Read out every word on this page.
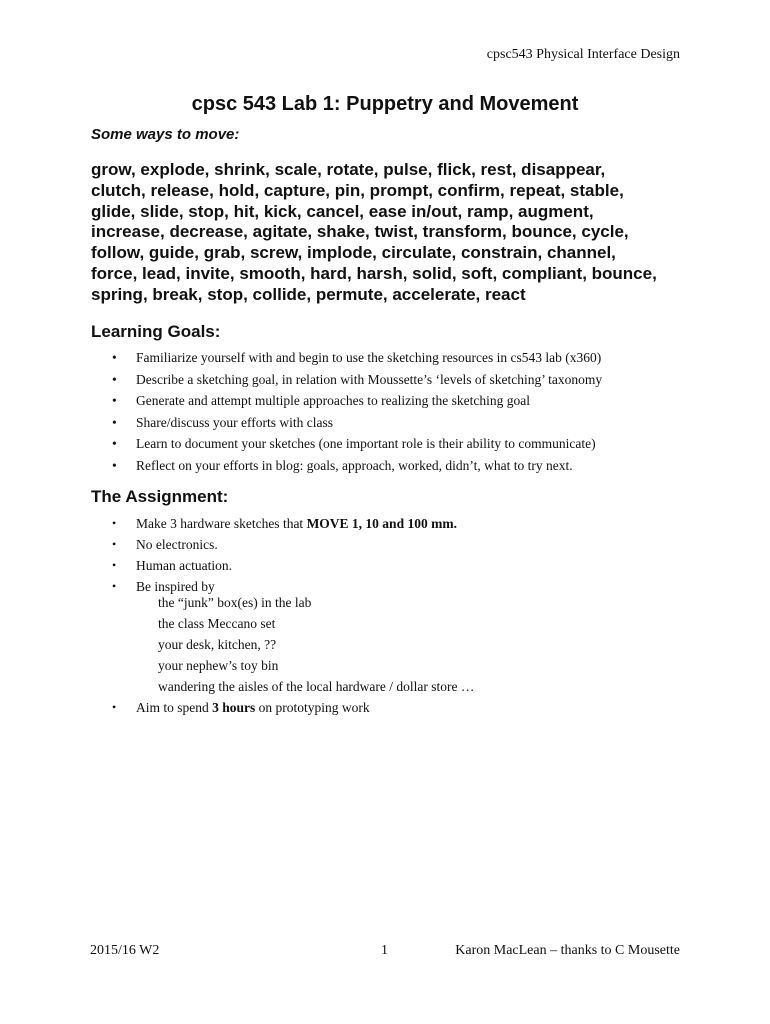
cpsc543 Physical Interface Design
cpsc 543 Lab 1: Puppetry and Movement
Some ways to move:
grow, explode, shrink, scale, rotate, pulse, flick, rest, disappear,
clutch, release, hold, capture, pin, prompt, confirm, repeat, stable,
glide, slide, stop, hit, kick, cancel, ease in/out, ramp, augment,
increase, decrease, agitate, shake, twist, transform, bounce, cycle,
follow, guide, grab, screw, implode, circulate, constrain, channel,
force, lead, invite, smooth, hard, harsh, solid, soft, compliant, bounce,
spring, break, stop, collide, permute, accelerate, react
Learning Goals:
• Familiarize yourself with and begin to use the sketching resources in cs543 lab (x360)
• Describe a sketching goal, in relation with Moussette’s ‘levels of sketching’ taxonomy
• Generate and attempt multiple approaches to realizing the sketching goal
• Share/discuss your efforts with class
• Learn to document your sketches (one important role is their ability to communicate)
• Reflect on your efforts in blog: goals, approach, worked, didn’t, what to try next.
The Assignment:
• Make 3 hardware sketches that MOVE 1, 10 and 100 mm.
• No electronics.
• Human actuation.
• Be inspired by
the “junk” box(es) in the lab
the class Meccano set
your desk, kitchen, ??
your nephew’s toy bin
wandering the aisles of the local hardware / dollar store …
• Aim to spend 3 hours on prototyping work
2015/16 W2	1	Karon MacLean – thanks to C Mousette
